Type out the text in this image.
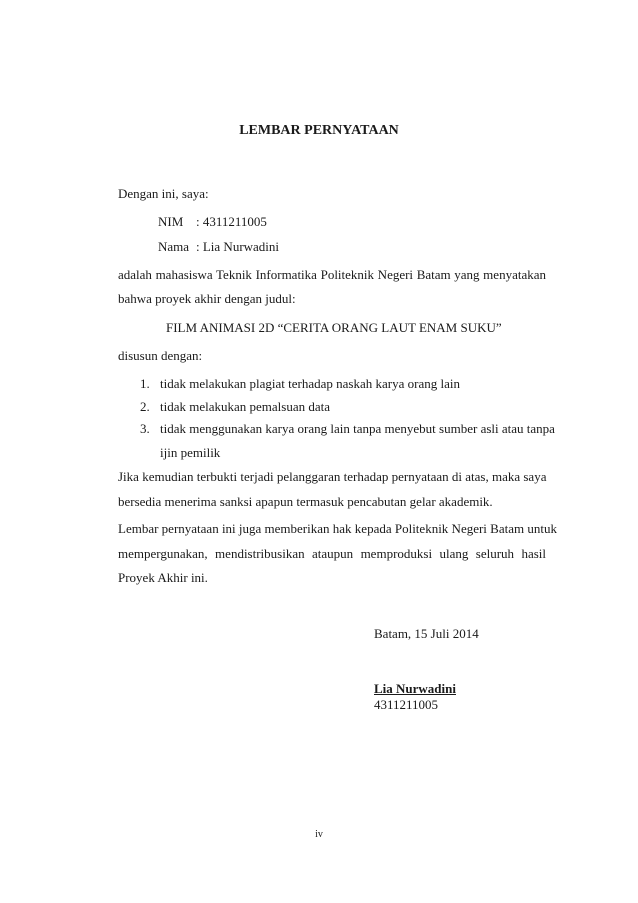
LEMBAR PERNYATAAN
Dengan ini, saya:
NIM : 4311211005
Nama : Lia Nurwadini
adalah mahasiswa Teknik Informatika Politeknik Negeri Batam yang menyatakan
bahwa proyek akhir dengan judul:
FILM ANIMASI 2D “CERITA ORANG LAUT ENAM SUKU”
disusun dengan:
1. tidak melakukan plagiat terhadap naskah karya orang lain
2. tidak melakukan pemalsuan data
3. tidak menggunakan karya orang lain tanpa menyebut sumber asli atau tanpa
ijin pemilik
Jika kemudian terbukti terjadi pelanggaran terhadap pernyataan di atas, maka saya
bersedia menerima sanksi apapun termasuk pencabutan gelar akademik.
Lembar pernyataan ini juga memberikan hak kepada Politeknik Negeri Batam untuk
mempergunakan, mendistribusikan ataupun memproduksi ulang seluruh hasil
Proyek Akhir ini.
Batam, 15 Juli 2014
Lia Nurwadini
4311211005
iv
